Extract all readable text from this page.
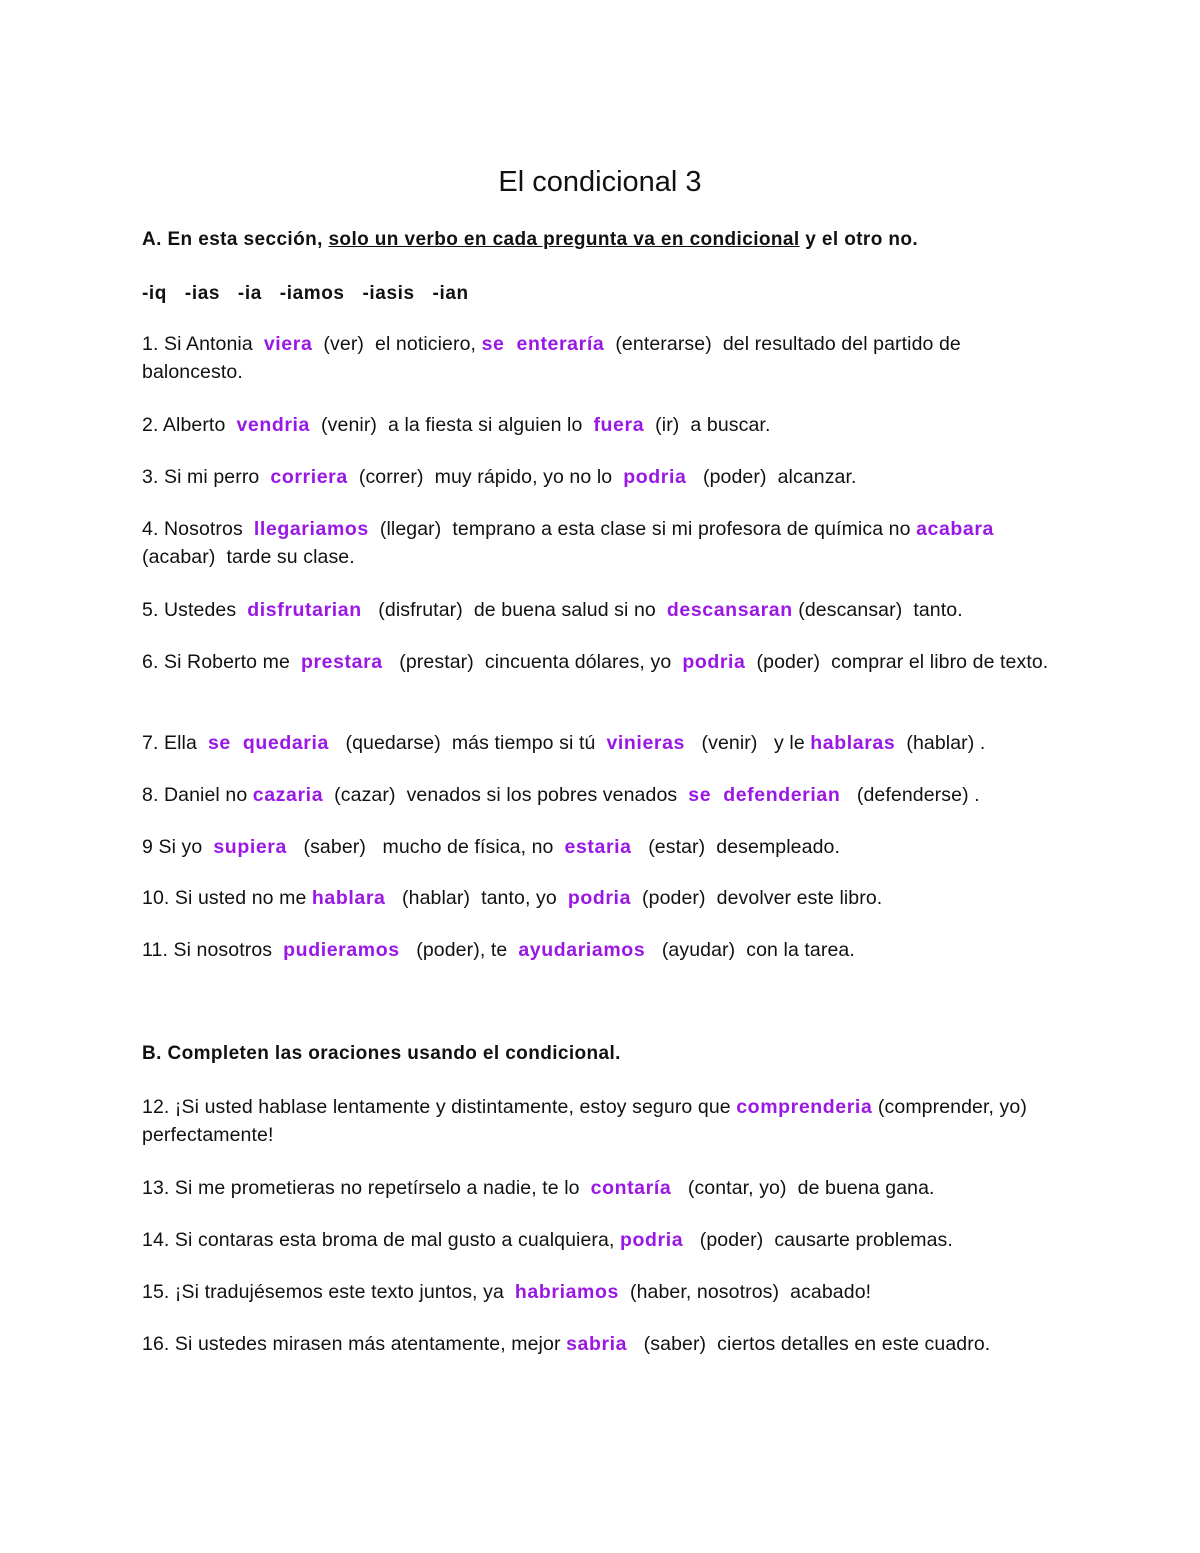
El condicional 3
A. En esta sección, solo un verbo en cada pregunta va en condicional y el otro no.
-iq -ias -ia -iamos -iasis -ian
1. Si Antonia  viera  (ver)  el noticiero, se  enteraría  (enterarse)  del resultado del partido de baloncesto.
2. Alberto  vendria  (venir)  a la fiesta si alguien lo  fuera  (ir)  a buscar.
3. Si mi perro  corriera  (correr)  muy rápido, yo no lo  podria   (poder)  alcanzar.
4. Nosotros  llegariamos  (llegar)  temprano a esta clase si mi profesora de química no acabara  (acabar)  tarde su clase.
5. Ustedes  disfrutarian   (disfrutar)  de buena salud si no  descansaran (descansar)  tanto.
6. Si Roberto me  prestara   (prestar)  cincuenta dólares, yo  podria  (poder)  comprar el libro de texto.
7. Ella  se  quedaria   (quedarse)  más tiempo si tú  vinieras   (venir)   y le hablaras  (hablar) .
8. Daniel no cazaria  (cazar)  venados si los pobres venados  se  defenderian   (defenderse) .
9 Si yo  supiera   (saber)   mucho de física, no  estaria   (estar)  desempleado.
10. Si usted no me hablara   (hablar)  tanto, yo  podria  (poder)  devolver este libro.
11. Si nosotros  pudieramos   (poder), te  ayudariamos   (ayudar)  con la tarea.
B. Completen las oraciones usando el condicional.
12. ¡Si usted hablase lentamente y distintamente, estoy seguro que comprenderia (comprender, yo) perfectamente!
13. Si me prometieras no repetírselo a nadie, te lo  contaría   (contar, yo)  de buena gana.
14. Si contaras esta broma de mal gusto a cualquiera, podria   (poder)  causarte problemas.
15. ¡Si tradujésemos este texto juntos, ya  habriamos  (haber, nosotros)  acabado!
16. Si ustedes mirasen más atentamente, mejor sabria   (saber)  ciertos detalles en este cuadro.
